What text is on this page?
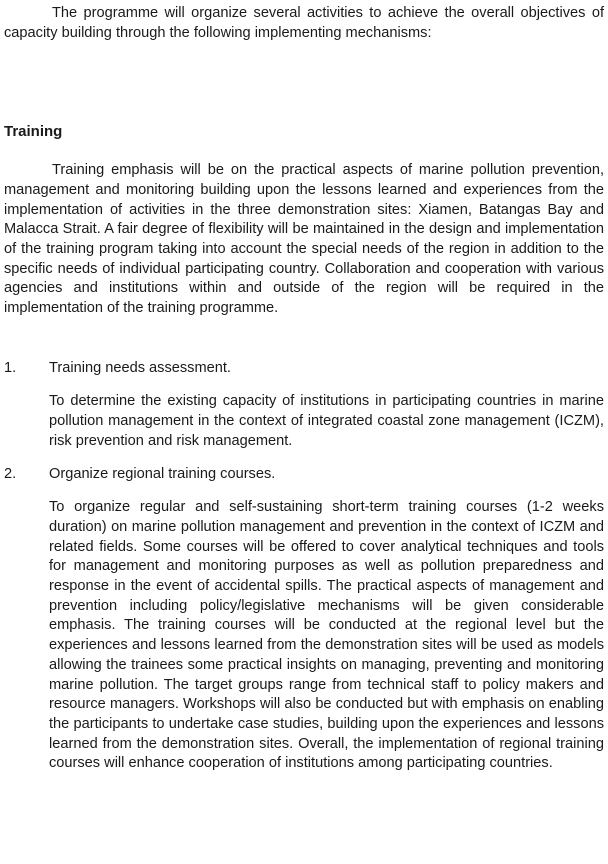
The programme will organize several activities to achieve the overall objectives of capacity building through the following implementing mechanisms:

Training

Training emphasis will be on the practical aspects of marine pollution prevention, management and monitoring building upon the lessons learned and experiences from the implementation of activities in the three demonstration sites: Xiamen, Batangas Bay and Malacca Strait. A fair degree of flexibility will be maintained in the design and implementation of the training program taking into account the special needs of the region in addition to the specific needs of individual participating country. Collaboration and cooperation with various agencies and institutions within and outside of the region will be required in the implementation of the training programme.

1.	Training needs assessment.

To determine the existing capacity of institutions in participating countries in marine pollution management in the context of integrated coastal zone management (ICZM), risk prevention and risk management.

2.	Organize regional training courses.

To organize regular and self-sustaining short-term training courses (1-2 weeks duration) on marine pollution management and prevention in the context of ICZM and related fields. Some courses will be offered to cover analytical techniques and tools for management and monitoring purposes as well as pollution preparedness and response in the event of accidental spills. The practical aspects of management and prevention including policy/legislative mechanisms will be given considerable emphasis. The training courses will be conducted at the regional level but the experiences and lessons learned from the demonstration sites will be used as models allowing the trainees some practical insights on managing, preventing and monitoring marine pollution. The target groups range from technical staff to policy makers and resource managers. Workshops will also be conducted but with emphasis on enabling the participants to undertake case studies, building upon the experiences and lessons learned from the demonstration sites. Overall, the implementation of regional training courses will enhance cooperation of institutions among participating countries.
